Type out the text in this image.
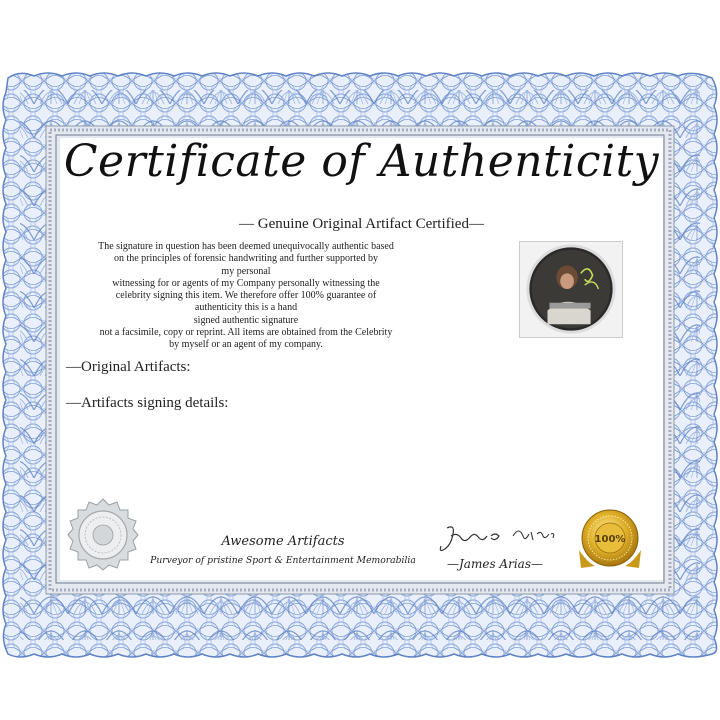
Certificate of Authenticity
— Genuine Original Artifact Certified—
The signature in question has been deemed unequivocally authentic based
on the principles of forensic handwriting and further supported by
my personal
witnessing for or agents of my Company personally witnessing the
celebrity signing this item. We therefore offer 100% guarantee of
authenticity this is a hand
signed authentic signature
not a facsimile, copy or reprint. All items are obtained from the Celebrity
by myself or an agent of my company.
—Original Artifacts:
—Artifacts signing details:
Awesome Artifacts
Purveyor of pristine Sport & Entertainment Memorabilia	—James Arias—
100%
